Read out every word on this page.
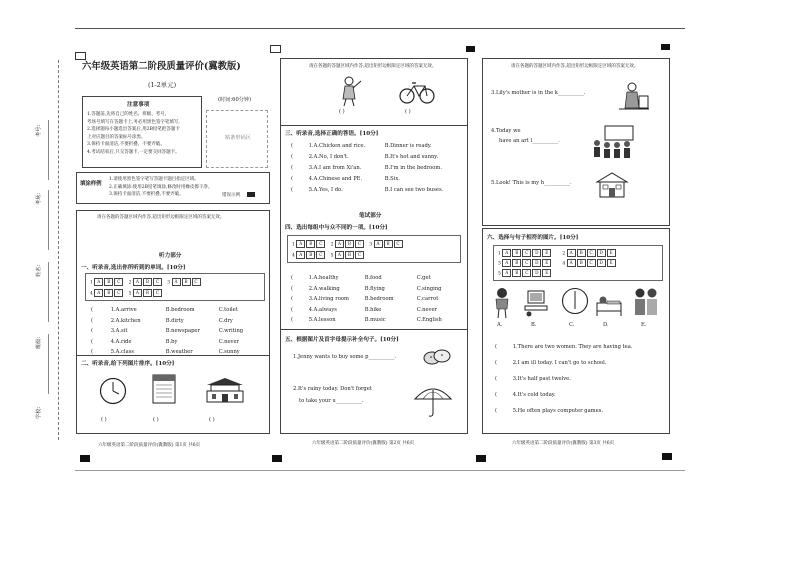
考号:
考场:
姓名:
班级:
学校:
六年级英语第二阶段质量评价(冀教版)
(1-2单元)
(时间:60分钟)
注意事项
1.答题前,先将自己的姓名、班级、考号、
考场号填写在答题卡上,务必用黑色签字笔填写,
2.选择题每小题选出答案后,用2B铅笔把答题卡
上对应题目的答案标号涂黑。
3.保持卡面清洁,不要折叠、不要弄破。
4.考试结束后,只交答题卡,一定要交回答题卡。
贴条形码区
填涂样例
1.请使用黑色签字笔写答题卡题目指定区域。
2.正确填涂:使用2B铅笔填涂,修改时用橡皮擦干净。
3.保持卡面清洁,不要折叠,不要弄破。	错误示例
请在各题的答题区域内作答,超出矩形边框限定区域的答案无效。
听力部分
一、听录音,选出你所听到的单词。[10分]
1 A B C 2 A B C 3 A B C
4 A B C 5 A B C
(	1.A.arrive	B.bedroom	C.toilet
(	2.A.kitchen	B.dirty	C.dry
(	3.A.sit	B.newspaper	C.writing
(	4.A.ride	B.by	C.never
(	5.A.class	B.weather	C.sunny
二、听录音,给下列图片排序。[10分]
( )	( )	( )
六年级英语第二阶段质量评价(冀教版) 第1页 共6页
请在各题的答题区域内作答,超出矩形边框限定区域的答案无效。
( )	( )
三、听录音,选择正确的答语。[10分]
(	1.A.Chicken and rice.	B.Dinner is ready.
(	2.A.No, I don't.	B.It's hot and sunny.
(	3.A.I am from Xi'an.	B.I'm in the bedroom.
(	4.A.Chinese and PE.	B.Six.
(	5.A.Yes, I do.	B.I can see two buses.
笔试部分
四、选出每组中与众不同的一项。[10分]
1 A B C 2 A B C 3 A B C
4 A B C 5 A B C
(	1.A.healthy	B.food	C.get
(	2.A.walking	B.flying	C.singing
(	3.A.living room	B.bedroom	C.carrot
(	4.A.always	B.hike	C.never
(	5.A.lesson	B.music	C.English
五、根据图片及首字母提示补全句子。[10分]
1.Jenny wants to buy some p__________.
2.It's rainy today. Don't forget
to take your u__________.
六年级英语第二阶段质量评价(冀教版) 第2页 共6页
请在各题的答题区域内作答,超出矩形边框限定区域的答案无效。
3.Lily's mother is in the k__________.
4.Today we
have an art l__________.
5.Look! This is my h__________.
六、选择与句子相符的图片。[10分]
1 A B C D E	2 A B C D E
3 A B C D E	4 A B C D E
5 A B C D E
A.	B.	C.	D.	E.
(	1.There are two women. They are having tea.
(	2.I am ill today. I can't go to school.
(	3.It's half past twelve.
(	4.It's cold today.
(	5.He often plays computer games.
六年级英语第二阶段质量评价(冀教版) 第3页 共6页
